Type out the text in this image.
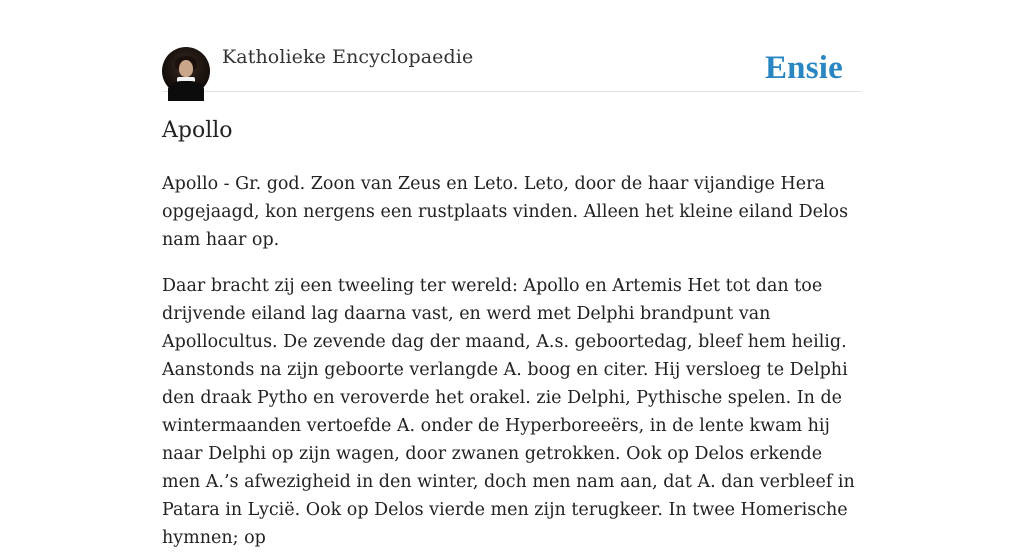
Katholieke Encyclopaedie	Ensie
Apollo

Apollo - Gr. god. Zoon van Zeus en Leto. Leto, door de haar vijandige Hera opgejaagd, kon nergens een rustplaats vinden. Alleen het kleine eiland Delos nam haar op.

Daar bracht zij een tweeling ter wereld: Apollo en Artemis Het tot dan toe drijvende eiland lag daarna vast, en werd met Delphi brandpunt van Apollocultus. De zevende dag der maand, A.s. geboortedag, bleef hem heilig. Aanstonds na zijn geboorte verlangde A. boog en citer. Hij versloeg te Delphi den draak Pytho en veroverde het orakel. zie Delphi, Pythische spelen. In de wintermaanden vertoefde A. onder de Hyperboreeërs, in de lente kwam hij naar Delphi op zijn wagen, door zwanen getrokken. Ook op Delos erkende men A.’s afwezigheid in den winter, doch men nam aan, dat A. dan verbleef in Patara in Lycië. Ook op Delos vierde men zijn terugkeer. In twee Homerische hymnen; op
